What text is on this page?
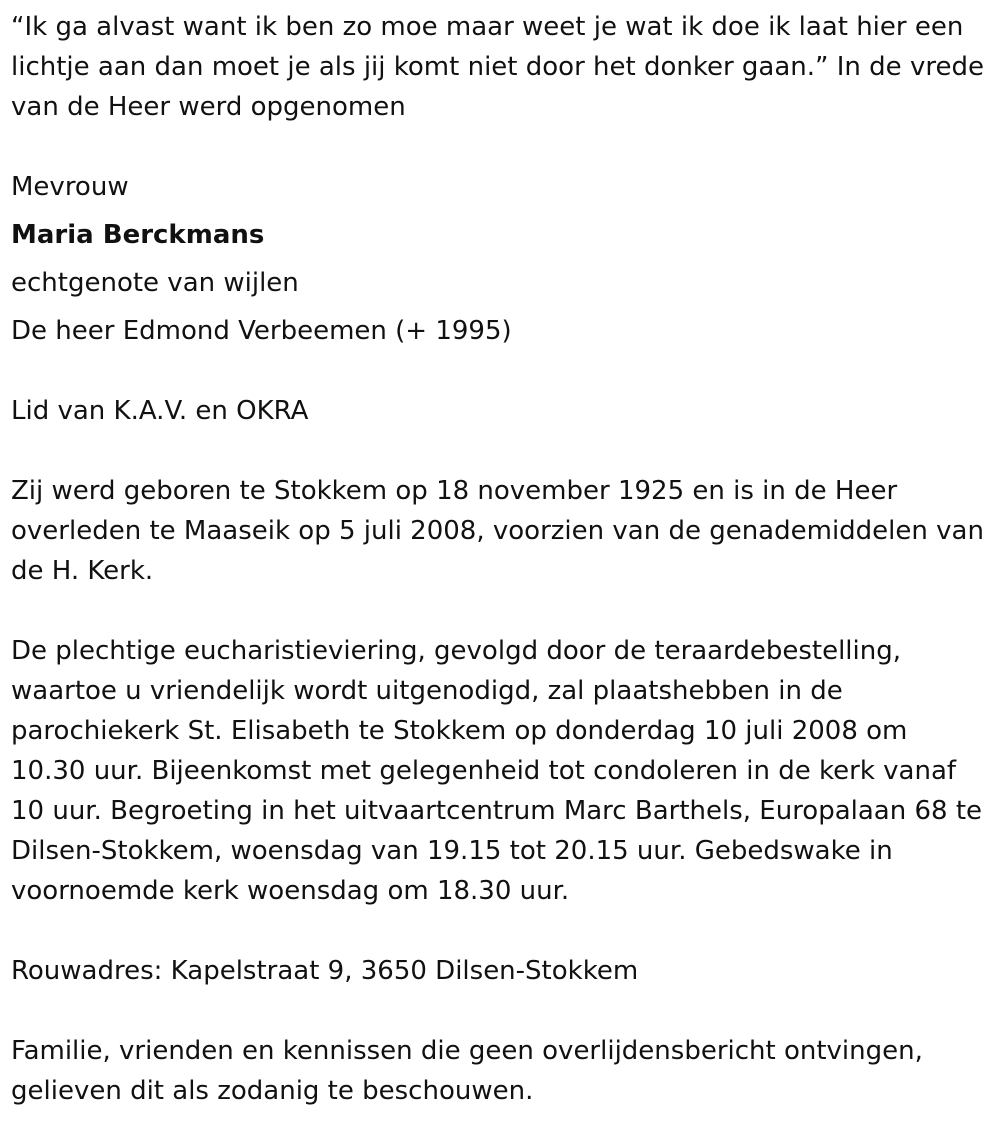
“Ik ga alvast want ik ben zo moe maar weet je wat ik doe ik laat hier een lichtje aan dan moet je als jij komt niet door het donker gaan.” In de vrede van de Heer werd opgenomen

Mevrouw

Maria Berckmans

echtgenote van wijlen

De heer Edmond Verbeemen (+ 1995)

Lid van K.A.V. en OKRA

Zij werd geboren te Stokkem op 18 november 1925 en is in de Heer overleden te Maaseik op 5 juli 2008, voorzien van de genademiddelen van de H. Kerk.

De plechtige eucharistieviering, gevolgd door de teraardebestelling, waartoe u vriendelijk wordt uitgenodigd, zal plaatshebben in de parochiekerk St. Elisabeth te Stokkem op donderdag 10 juli 2008 om 10.30 uur. Bijeenkomst met gelegenheid tot condoleren in de kerk vanaf 10 uur. Begroeting in het uitvaartcentrum Marc Barthels, Europalaan 68 te Dilsen-Stokkem, woensdag van 19.15 tot 20.15 uur. Gebedswake in voornoemde kerk woensdag om 18.30 uur.

Rouwadres: Kapelstraat 9, 3650 Dilsen-Stokkem

Familie, vrienden en kennissen die geen overlijdensbericht ontvingen, gelieven dit als zodanig te beschouwen.
